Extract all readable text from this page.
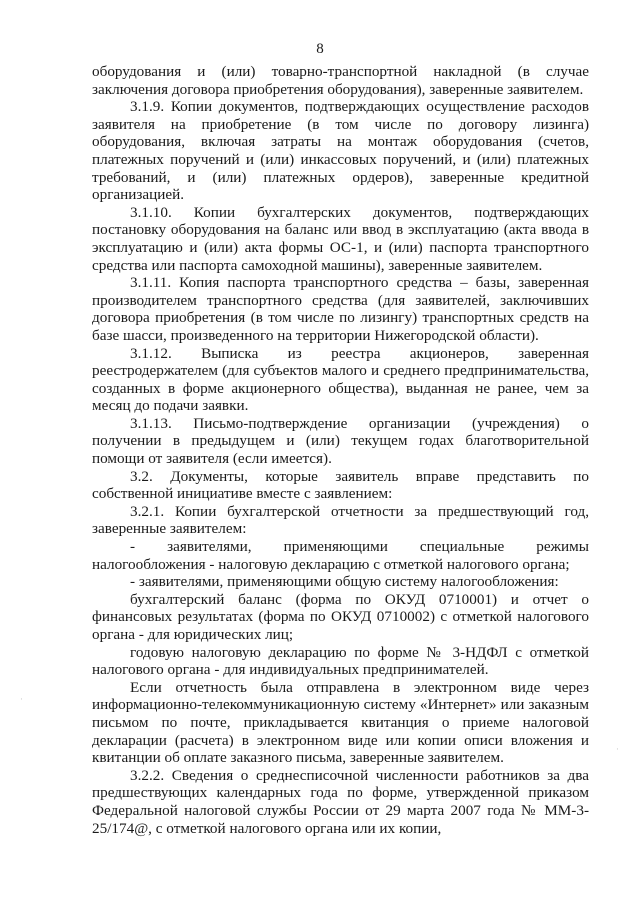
8

оборудования и (или) товарно-транспортной накладной (в случае заключения договора приобретения оборудования), заверенные заявителем.

3.1.9. Копии документов, подтверждающих осуществление расходов заявителя на приобретение (в том числе по договору лизинга) оборудования, включая затраты на монтаж оборудования (счетов, платежных поручений и (или) инкассовых поручений, и (или) платежных требований, и (или) платежных ордеров), заверенные кредитной организацией.

3.1.10. Копии бухгалтерских документов, подтверждающих постановку оборудования на баланс или ввод в эксплуатацию (акта ввода в эксплуатацию и (или) акта формы ОС-1, и (или) паспорта транспортного средства или паспорта самоходной машины), заверенные заявителем.

3.1.11. Копия паспорта транспортного средства – базы, заверенная производителем транспортного средства (для заявителей, заключивших договора приобретения (в том числе по лизингу) транспортных средств на базе шасси, произведенного на территории Нижегородской области).

3.1.12. Выписка из реестра акционеров, заверенная реестродержателем (для субъектов малого и среднего предпринимательства, созданных в форме акционерного общества), выданная не ранее, чем за месяц до подачи заявки.

3.1.13. Письмо-подтверждение организации (учреждения) о получении в предыдущем и (или) текущем годах благотворительной помощи от заявителя (если имеется).

3.2. Документы, которые заявитель вправе представить по собственной инициативе вместе с заявлением:

3.2.1. Копии бухгалтерской отчетности за предшествующий год, заверенные заявителем:

- заявителями, применяющими специальные режимы налогообложения - налоговую декларацию с отметкой налогового органа;

- заявителями, применяющими общую систему налогообложения:

бухгалтерский баланс (форма по ОКУД 0710001) и отчет о финансовых результатах (форма по ОКУД 0710002) с отметкой налогового органа - для юридических лиц;

годовую налоговую декларацию по форме № 3-НДФЛ с отметкой налогового органа - для индивидуальных предпринимателей.

Если отчетность была отправлена в электронном виде через информационно-телекоммуникационную систему «Интернет» или заказным письмом по почте, прикладывается квитанция о приеме налоговой декларации (расчета) в электронном виде или копии описи вложения и квитанции об оплате заказного письма, заверенные заявителем.

3.2.2. Сведения о среднесписочной численности работников за два предшествующих календарных года по форме, утвержденной приказом Федеральной налоговой службы России от 29 марта 2007 года № ММ-3-25/174@, с отметкой налогового органа или их копии,

·
·
